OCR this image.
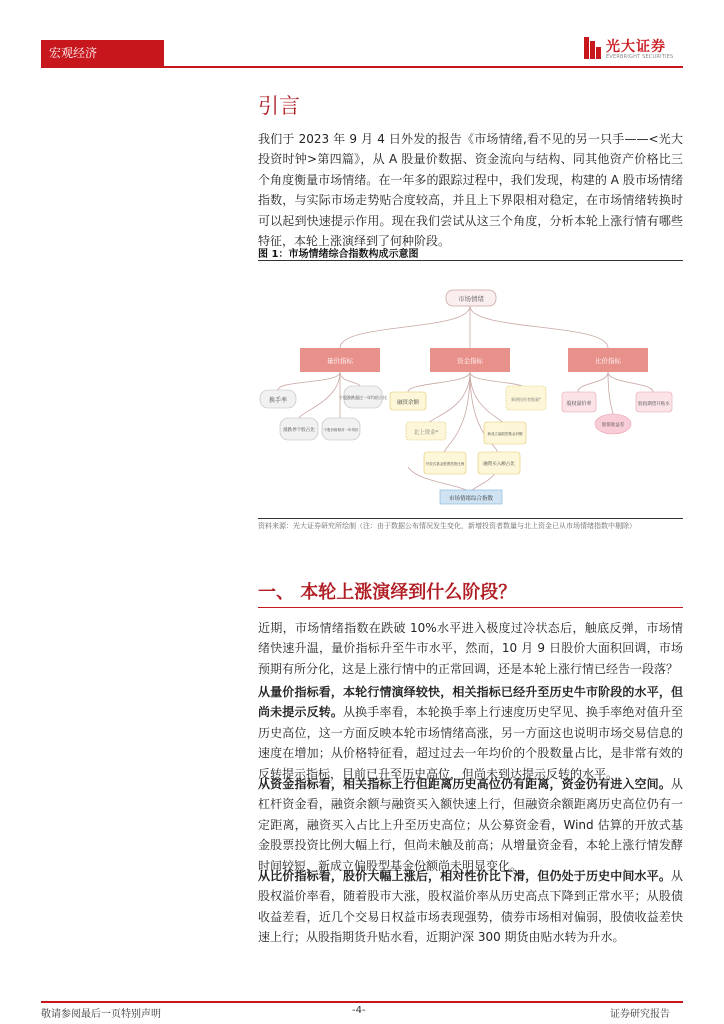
宏观经济	光大证券
EVERBRIGHT SECURITIES
引言

我们于 2023 年 9 月 4 日外发的报告《市场情绪,看不见的另一只手——<光大投资时钟>第四篇》，从 A 股量价数据、资金流向与结构、同其他资产价格比三个角度衡量市场情绪。在一年多的跟踪过程中，我们发现，构建的 A 股市场情绪指数，与实际市场走势贴合度较高，并且上下界限相对稳定，在市场情绪转换时可以起到快速提示作用。现在我们尝试从这三个角度，分析本轮上涨行情有哪些特征，本轮上涨演绎到了何种阶段。

图 1：市场情绪综合指数构成示意图
市场情绪
量价指标	资金指标	比价指标
换手率	个股涨跌超过一年均价占比
涨跌停个股占比	个股价格相对一年均价
融资余额
新增投资者数量*
北上资金*	新成立偏股型基金份额
开放式基金股票投资比例	融资买入额占比
股权溢价率	股指期货升贴水
股债收益差
市场情绪综合指数
资料来源：光大证券研究所绘制（注：由于数据公布情况发生变化，新增投资者数量与北上资金已从市场情绪指数中剔除）
一、 本轮上涨演绎到什么阶段？

近期，市场情绪指数在跌破 10%水平进入极度过冷状态后，触底反弹，市场情绪快速升温，量价指标升至牛市水平，然而，10 月 9 日股价大面积回调，市场预期有所分化，这是上涨行情中的正常回调，还是本轮上涨行情已经告一段落？

从量价指标看，本轮行情演绎较快，相关指标已经升至历史牛市阶段的水平，但尚未提示反转。从换手率看，本轮换手率上行速度历史罕见、换手率绝对值升至历史高位，这一方面反映本轮市场情绪高涨，另一方面这也说明市场交易信息的速度在增加；从价格特征看，超过过去一年均价的个股数量占比，是非常有效的反转提示指标，目前已升至历史高位，但尚未到达提示反转的水平。

从资金指标看，相关指标上行但距离历史高位仍有距离，资金仍有进入空间。从杠杆资金看，融资余额与融资买入额快速上行，但融资余额距离历史高位仍有一定距离，融资买入占比上升至历史高位；从公募资金看，Wind 估算的开放式基金股票投资比例大幅上行，但尚未触及前高；从增量资金看，本轮上涨行情发酵时间较短，新成立偏股型基金份额尚未明显变化。

从比价指标看，股价大幅上涨后，相对性价比下滑，但仍处于历史中间水平。从股权溢价率看，随着股市大涨，股权溢价率从历史高点下降到正常水平；从股债收益差看，近几个交易日权益市场表现强势，债券市场相对偏弱，股债收益差快速上行；从股指期货升贴水看，近期沪深 300 期货由贴水转为升水。

敬请参阅最后一页特别声明	-4-	证券研究报告
